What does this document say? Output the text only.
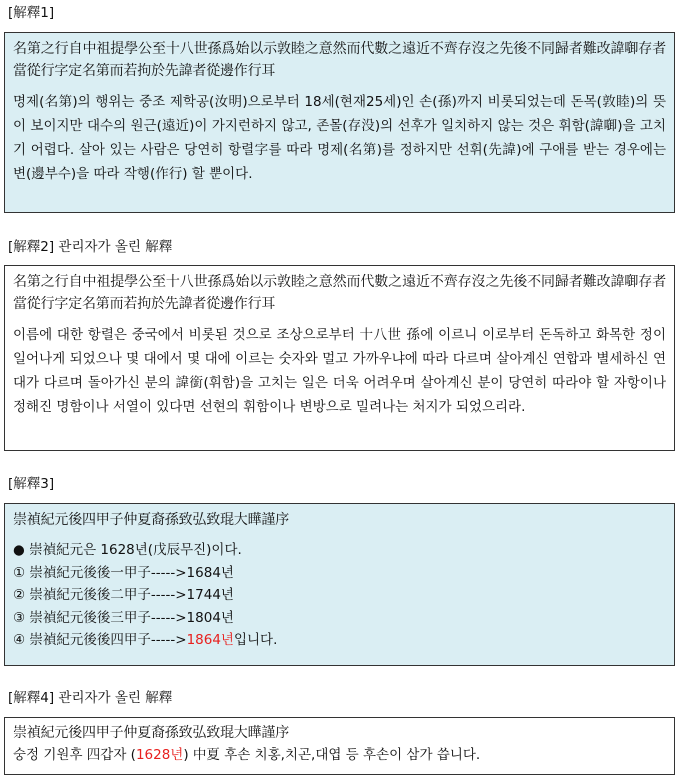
[解釋1]

名第之行自中祖提學公至十八世孫爲始以示敦睦之意然而代數之遠近不齊存沒之先後不同歸者難改諱啣存者當從行字定名第而若拘於先諱者從邊作行耳

명제(名第)의 행위는 중조 제학공(汝明)으로부터 18세(현재25세)인 손(孫)까지 비롯되었는데 돈목(敦睦)의 뜻이 보이지만 대수의 원근(遠近)이 가지런하지 않고, 존몰(存没)의 선후가 일치하지 않는 것은 휘함(諱啣)을 고치기 어렵다. 살아 있는 사람은 당연히 항렬字를 따라 명제(名第)를 정하지만 선휘(先諱)에 구애를 받는 경우에는 변(邊부수)을 따라 작행(作行) 할 뿐이다.

[解釋2] 관리자가 올린 解釋

名第之行自中祖提學公至十八世孫爲始以示敦睦之意然而代數之遠近不齊存沒之先後不同歸者難改諱啣存者當從行字定名第而若拘於先諱者從邊作行耳

이름에 대한 항렬은 중국에서 비롯된 것으로 조상으로부터 十八世 孫에 이르니 이로부터 돈독하고 화목한 정이 일어나게 되었으나 몇 대에서 몇 대에 이르는 숫자와 멀고 가까우냐에 따라 다르며 살아계신 연합과 별세하신 연대가 다르며 돌아가신 분의 諱銜(휘함)을 고치는 일은 더욱 어려우며 살아계신 분이 당연히 따라야 할 자항이나 정해진 명함이나 서열이 있다면 선현의 휘함이나 변방으로 밀려나는 처지가 되었으리라.

[解釋3]

崇禎紀元後四甲子仲夏裔孫致弘致琨大曄謹序

● 崇禎紀元은 1628년(戊辰무진)이다.

① 崇禎紀元後後一甲子----->1684년

② 崇禎紀元後後二甲子----->1744년

③ 崇禎紀元後後三甲子----->1804년

④ 崇禎紀元後後四甲子----->1864년입니다.

[解釋4] 관리자가 올린 解釋

崇禎紀元後四甲子仲夏裔孫致弘致琨大曄謹序

숭정 기원후 四갑자 (1628년) 中夏 후손 치홍,치곤,대엽 등 후손이 삼가 씁니다.
